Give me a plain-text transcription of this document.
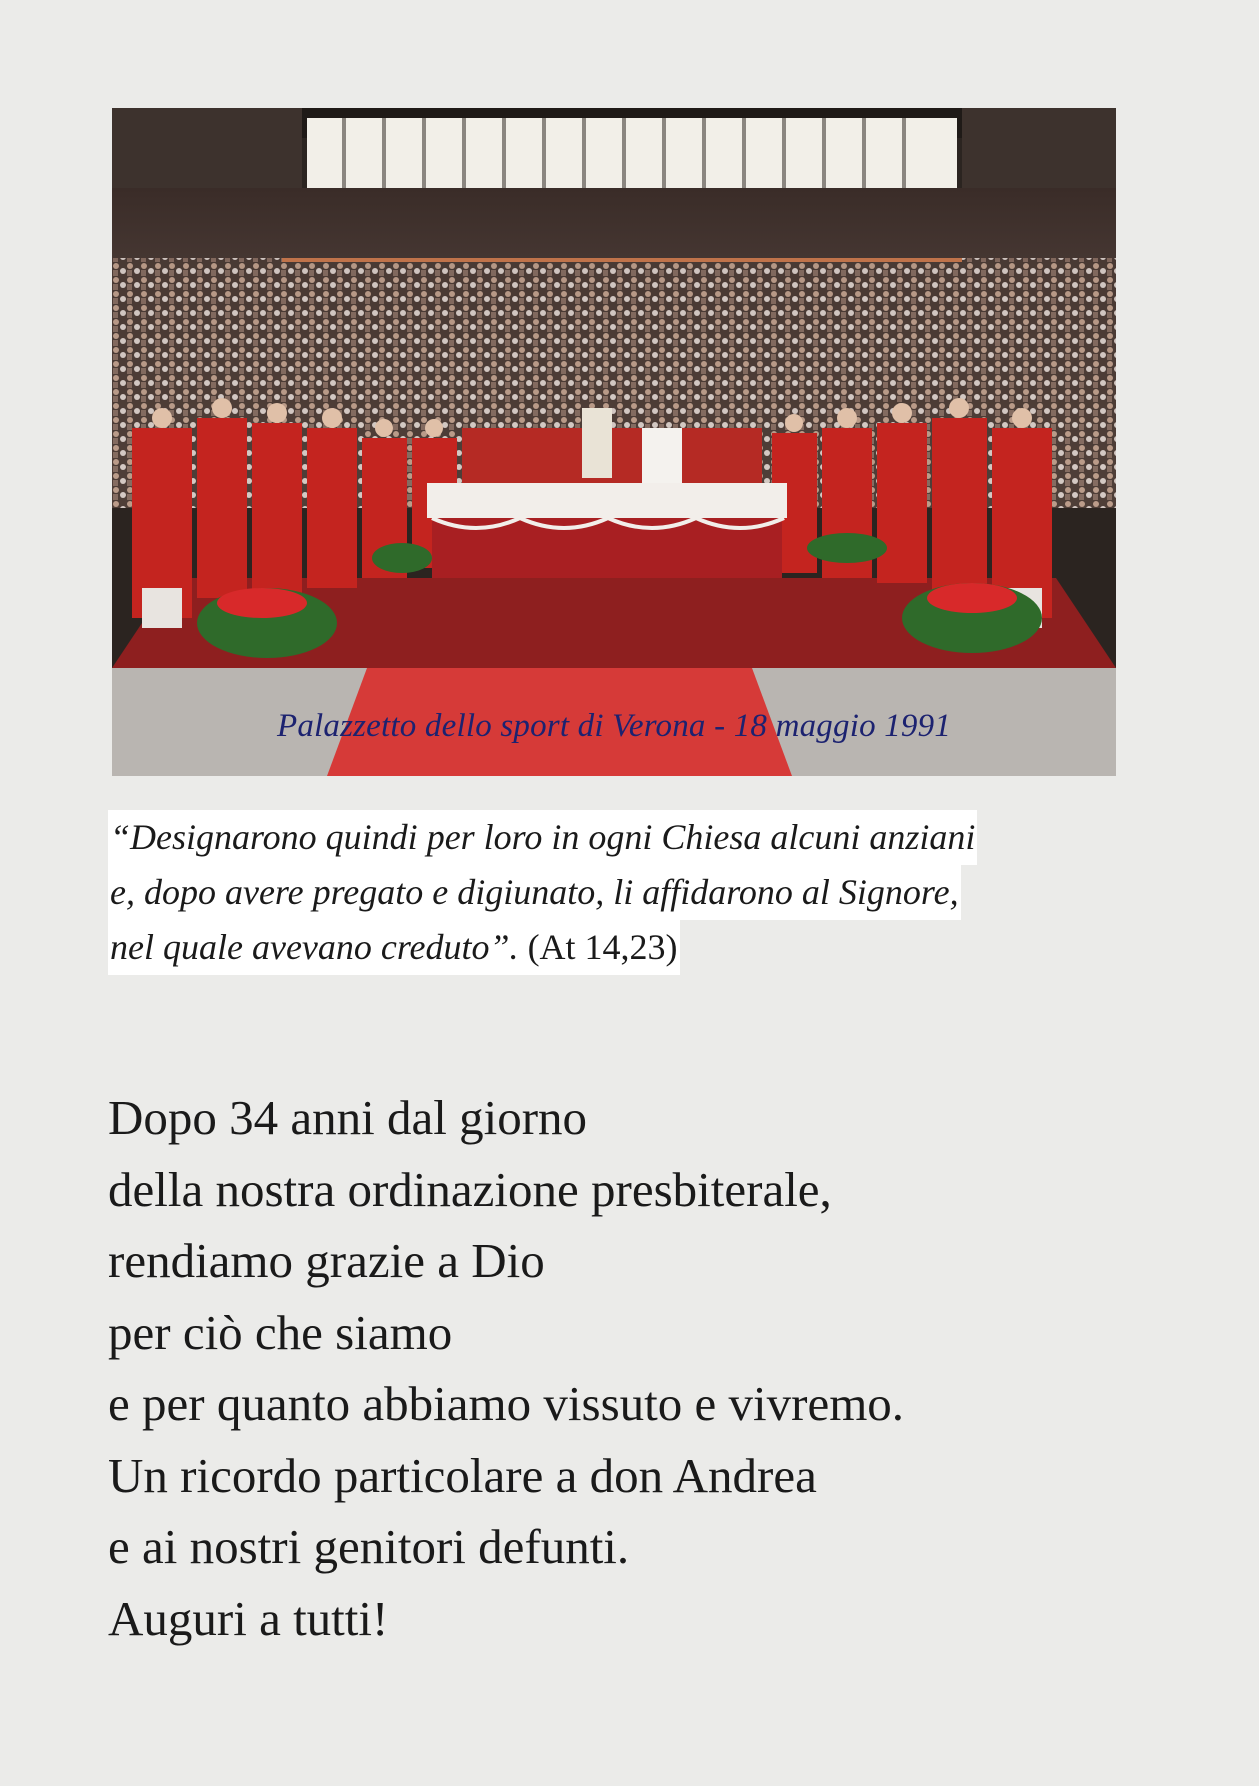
Palazzetto dello sport di Verona - 18 maggio 1991
“Designarono quindi per loro in ogni Chiesa alcuni anziani
e, dopo avere pregato e digiunato, li affidarono al Signore,
nel quale avevano creduto”. (At 14,23)
Dopo 34 anni dal giorno
della nostra ordinazione presbiterale,
rendiamo grazie a Dio
per ciò che siamo
e per quanto abbiamo vissuto e vivremo.
Un ricordo particolare a don Andrea
e ai nostri genitori defunti.
Auguri a tutti!
